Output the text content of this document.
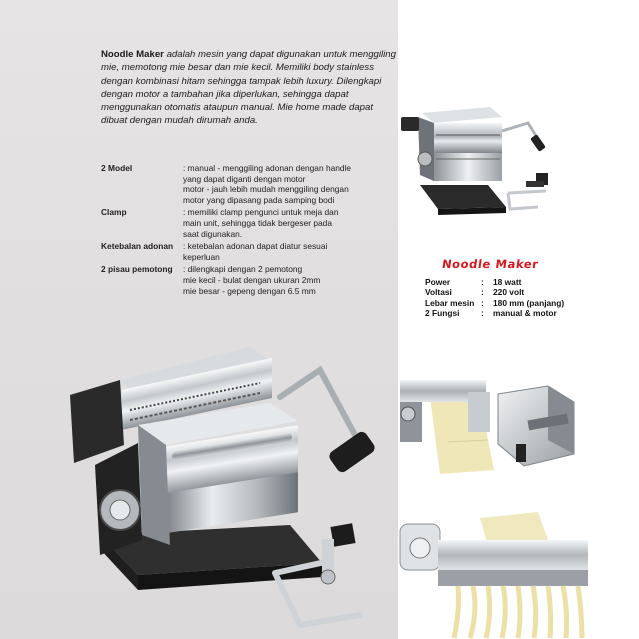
Noodle Maker adalah mesin yang dapat digunakan untuk menggiling mie, memotong mie besar dan mie kecil. Memiliki body stainless dengan kombinasi hitam sehingga tampak lebih luxury. Dilengkapi dengan motor a tambahan jika diperlukan, sehingga dapat menggunakan otomatis ataupun manual. Mie home made dapat dibuat dengan mudah dirumah anda.
2 Model	: manual - menggiling adonan dengan handle
yang dapat diganti dengan motor
motor - jauh lebih mudah menggiling dengan
motor yang dipasang pada samping bodi
Clamp	: memiliki clamp pengunci untuk meja dan
main unit, sehingga tidak bergeser pada
saat digunakan.
Ketebalan adonan	: ketebalan adonan dapat diatur sesuai
keperluan
2 pisau pemotong	: dilengkapi dengan 2 pemotong
mie kecil - bulat dengan ukuran 2mm
mie besar - gepeng dengan 6.5 mm
Noodle Maker
Power	:	18 watt
Voltasi	:	220 volt
Lebar mesin :	180 mm (panjang)
2 Fungsi	:	manual & motor
